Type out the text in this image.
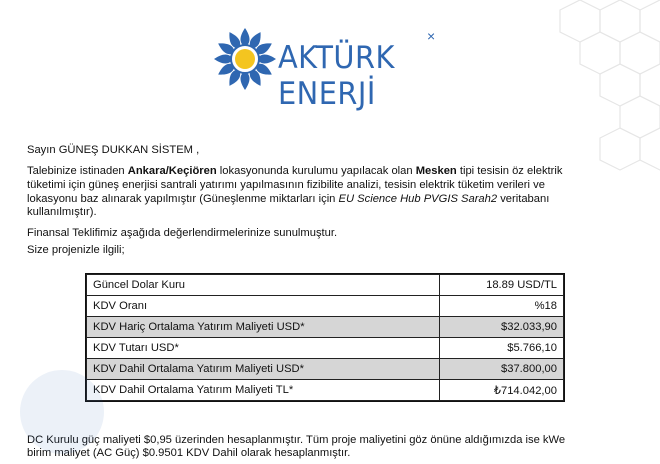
AKTÜRK ENERJİ
×

Sayın GÜNEŞ DUKKAN SİSTEM ,

Talebinize istinaden Ankara/Keçiören lokasyonunda kurulumu yapılacak olan Mesken tipi tesisin öz elektrik

tüketimi için güneş enerjisi santrali yatırımı yapılmasının fizibilite analizi, tesisin elektrik tüketim verileri ve

lokasyonu baz alınarak yapılmıştır (Güneşlenme miktarları için EU Science Hub PVGIS Sarah2 veritabanı

kullanılmıştır).

Finansal Teklifimiz aşağıda değerlendirmelerinize sunulmuştur.

Size projenizle ilgili;

DC Kurulu güç maliyeti $0,95 üzerinden hesaplanmıştır. Tüm proje maliyetini göz önüne aldığımızda ise kWe

birim maliyet (AC Güç) $0.9501 KDV Dahil olarak hesaplanmıştır.

Güncel Dolar Kuru	18.89 USD/TL
KDV Oranı	%18
KDV Hariç Ortalama Yatırım Maliyeti USD*	$32.033,90
KDV Tutarı USD*	$5.766,10
KDV Dahil Ortalama Yatırım Maliyeti USD*	$37.800,00
KDV Dahil Ortalama Yatırım Maliyeti TL*	₺714.042,00
